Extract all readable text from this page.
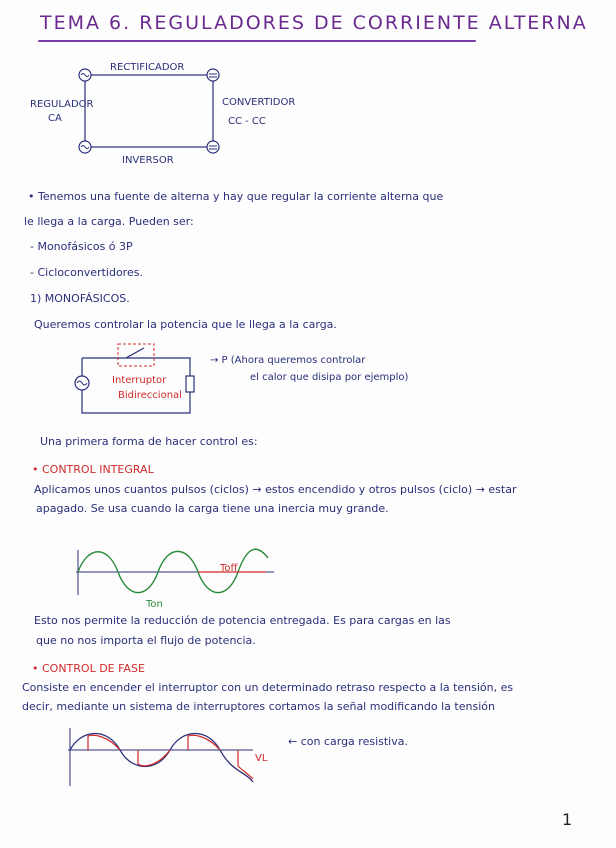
TEMA 6. REGULADORES DE CORRIENTE ALTERNA
RECTIFICADOR
REGULADOR
CA
CONVERTIDOR
CC - CC
INVERSOR
• Tenemos una fuente de alterna y hay que regular la corriente alterna que
le llega a la carga. Pueden ser:
- Monofásicos ó 3P
- Cicloconvertidores.
1) MONOFÁSICOS.
Queremos controlar la potencia que le llega a la carga.
Interruptor
Bidireccional
→ P (Ahora queremos controlar
el calor que disipa por ejemplo)
Una primera forma de hacer control es:
• CONTROL INTEGRAL
Aplicamos unos cuantos pulsos (ciclos) → estos encendido y otros pulsos (ciclo) → estar
apagado. Se usa cuando la carga tiene una inercia muy grande.
Toff
Ton
Esto nos permite la reducción de potencia entregada. Es para cargas en las
que no nos importa el flujo de potencia.
• CONTROL DE FASE
Consiste en encender el interruptor con un determinado retraso respecto a la tensión, es
decir, mediante un sistema de interruptores cortamos la señal modificando la tensión
VL
← con carga resistiva.
1
